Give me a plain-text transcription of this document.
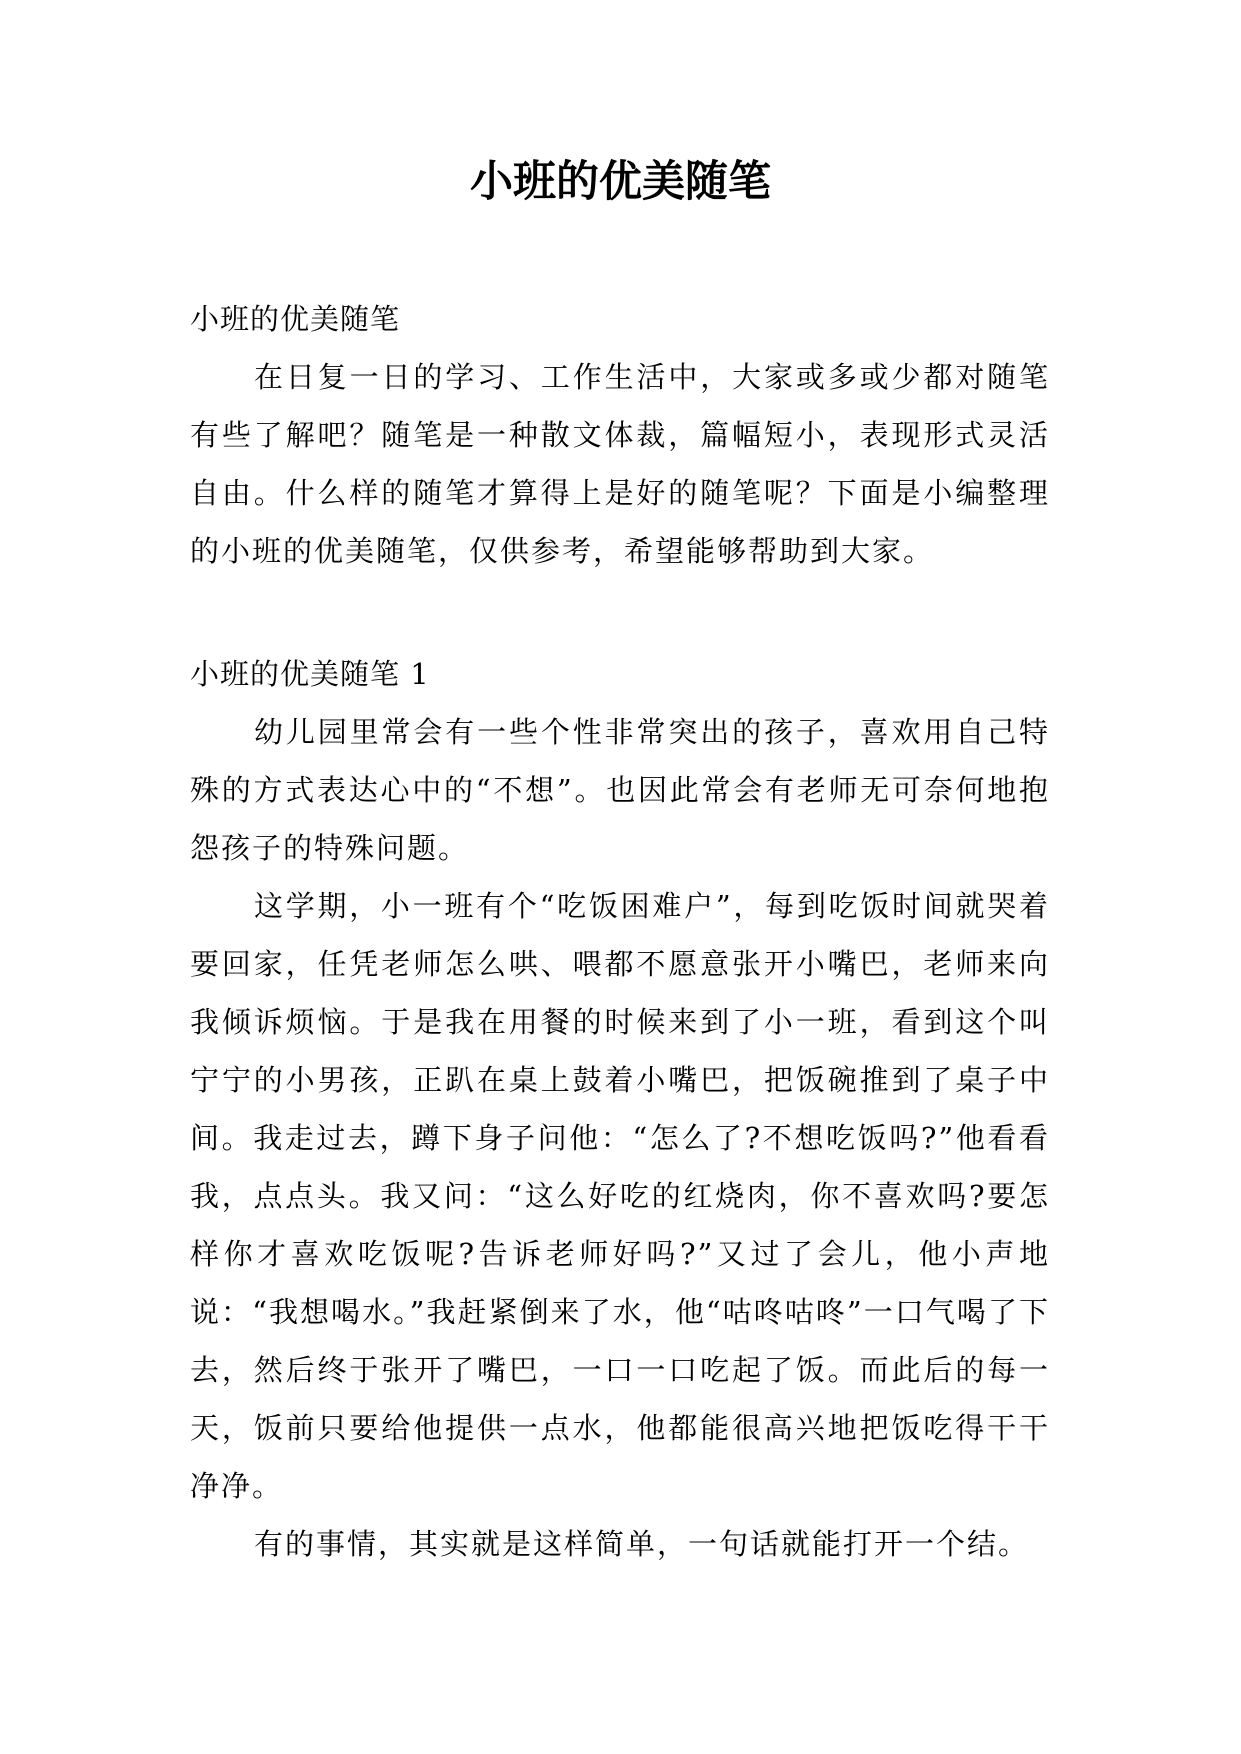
小班的优美随笔
小班的优美随笔

在日复一日的学习、工作生活中，大家或多或少都对随笔有些了解吧？随笔是一种散文体裁，篇幅短小，表现形式灵活自由。什么样的随笔才算得上是好的随笔呢？下面是小编整理的小班的优美随笔，仅供参考，希望能够帮助到大家。

小班的优美随笔 1

幼儿园里常会有一些个性非常突出的孩子，喜欢用自己特殊的方式表达心中的“不想”。也因此常会有老师无可奈何地抱怨孩子的特殊问题。

这学期，小一班有个“吃饭困难户”，每到吃饭时间就哭着要回家，任凭老师怎么哄、喂都不愿意张开小嘴巴，老师来向我倾诉烦恼。于是我在用餐的时候来到了小一班，看到这个叫宁宁的小男孩，正趴在桌上鼓着小嘴巴，把饭碗推到了桌子中间。我走过去，蹲下身子问他：“怎么了?不想吃饭吗?”他看看我，点点头。我又问：“这么好吃的红烧肉，你不喜欢吗?要怎样你才喜欢吃饭呢?告诉老师好吗?”又过了会儿，他小声地说：“我想喝水。”我赶紧倒来了水，他“咕咚咕咚”一口气喝了下去，然后终于张开了嘴巴，一口一口吃起了饭。而此后的每一天，饭前只要给他提供一点水，他都能很高兴地把饭吃得干干净净。

有的事情，其实就是这样简单，一句话就能打开一个结。
